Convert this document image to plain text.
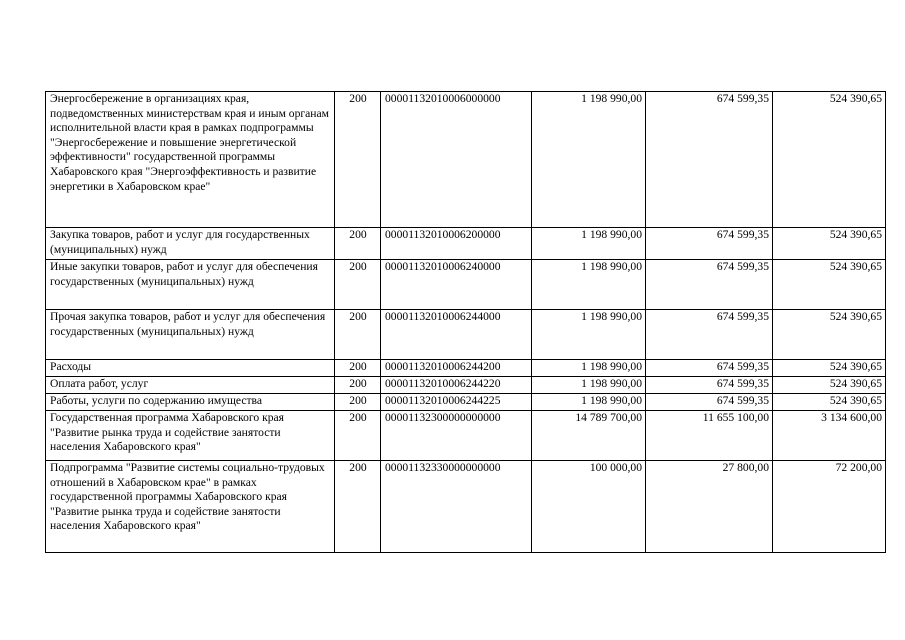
Энергосбережение в организациях края, подведомственных министерствам края и иным органам исполнительной власти края в рамках подпрограммы "Энергосбережение и повышение энергетической эффективности" государственной программы Хабаровского края "Энергоэффективность и развитие энергетики в Хабаровском крае"	200	00001132010006000000	1 198 990,00	674 599,35	524 390,65
Закупка товаров, работ и услуг для государственных (муниципальных) нужд	200	00001132010006200000	1 198 990,00	674 599,35	524 390,65
Иные закупки товаров, работ и услуг для обеспечения государственных (муниципальных) нужд	200	00001132010006240000	1 198 990,00	674 599,35	524 390,65
Прочая закупка товаров, работ и услуг для обеспечения государственных (муниципальных) нужд	200	00001132010006244000	1 198 990,00	674 599,35	524 390,65
Расходы	200	00001132010006244200	1 198 990,00	674 599,35	524 390,65
Оплата работ, услуг	200	00001132010006244220	1 198 990,00	674 599,35	524 390,65
Работы, услуги по содержанию имущества	200	00001132010006244225	1 198 990,00	674 599,35	524 390,65
Государственная программа Хабаровского края "Развитие рынка труда и содействие занятости населения Хабаровского края"	200	00001132300000000000	14 789 700,00	11 655 100,00	3 134 600,00
Подпрограмма "Развитие системы социально-трудовых отношений в Хабаровском крае" в рамках государственной программы Хабаровского края "Развитие рынка труда и содействие занятости населения Хабаровского края"	200	00001132330000000000	100 000,00	27 800,00	72 200,00
